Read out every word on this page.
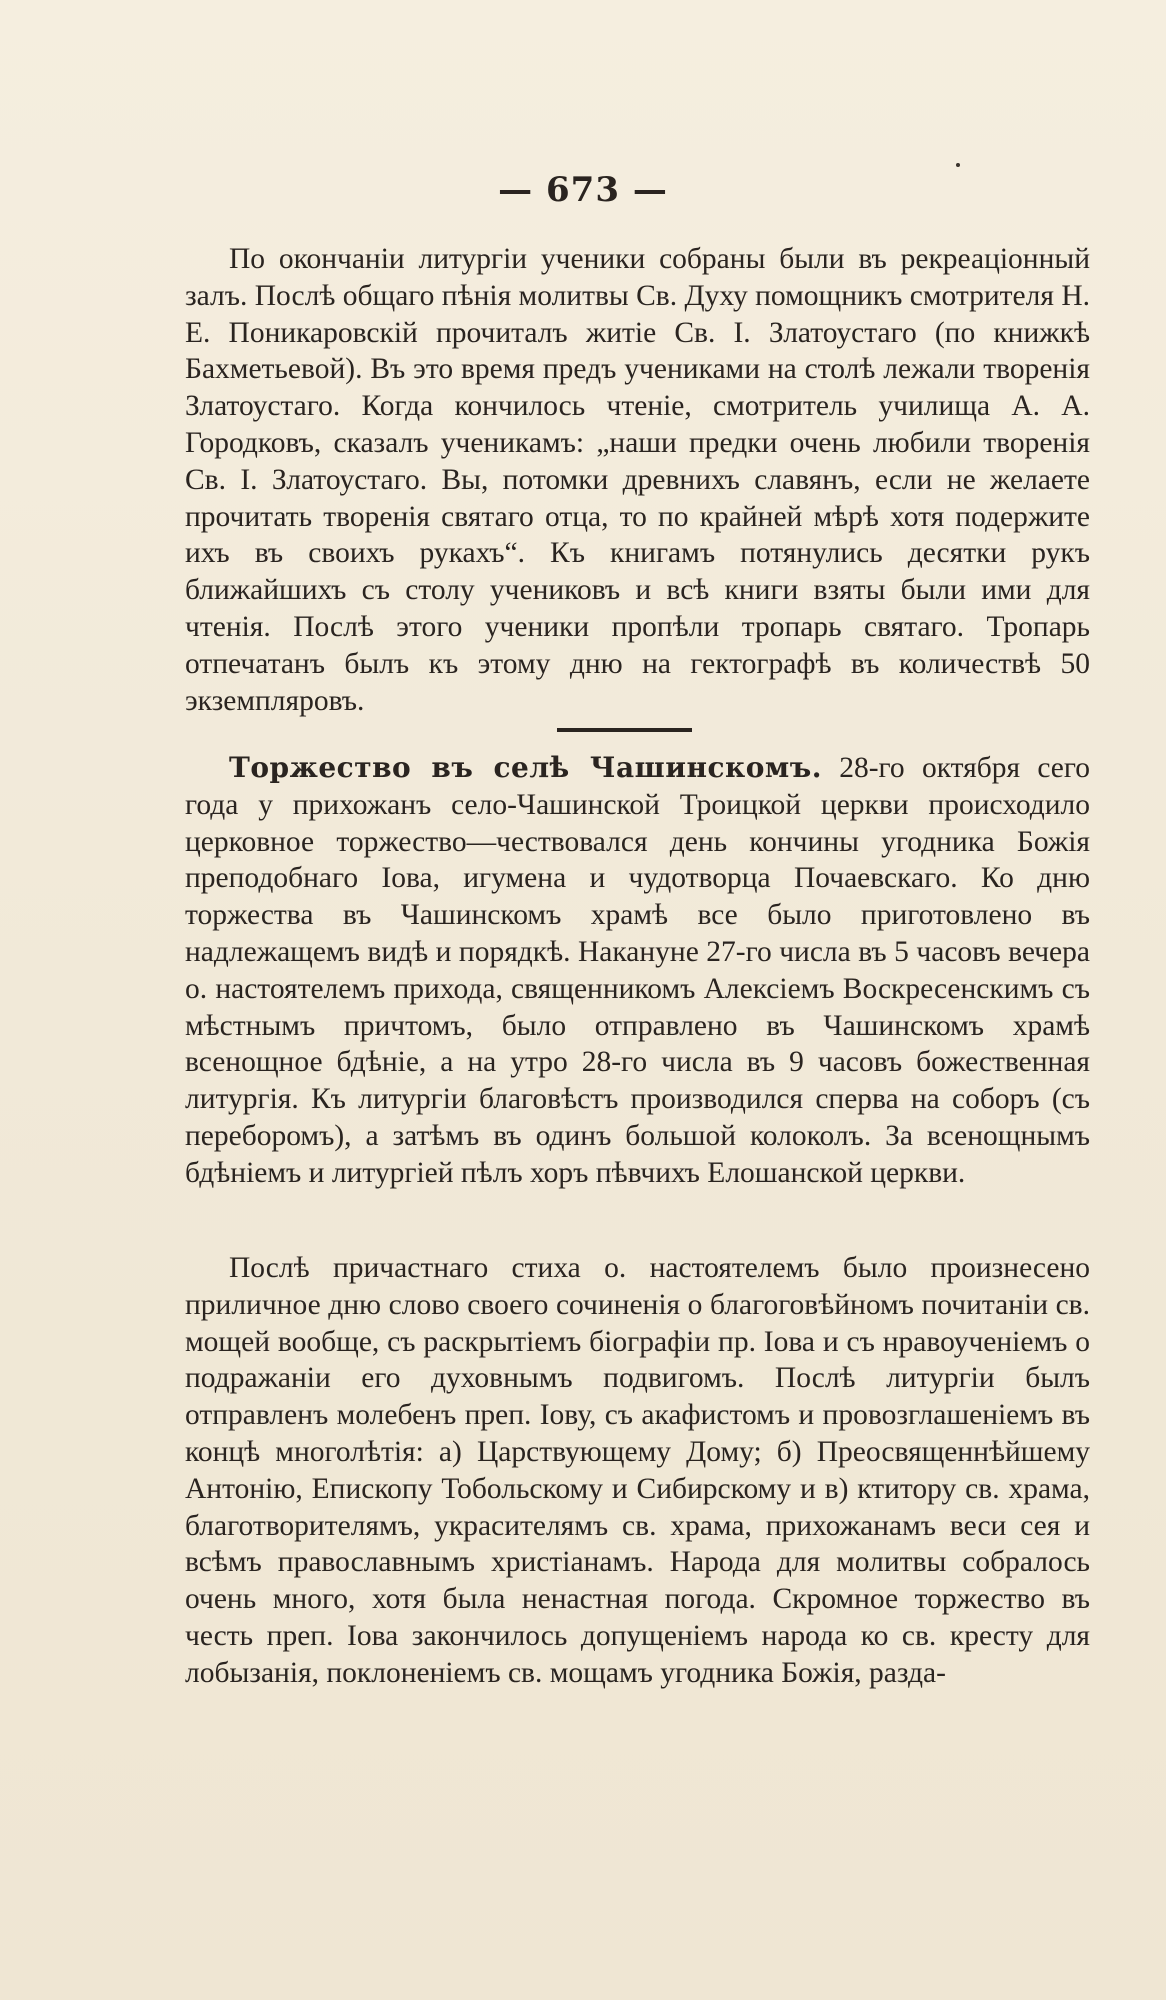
— 673 —

По окончаніи литургіи ученики собраны были въ рекреаціонный залъ. Послѣ общаго пѣнія молитвы Св. Духу помощникъ смотрителя Н. Е. Поникаровскій прочиталъ житіе Св. І. Златоустаго (по книжкѣ Бахметьевой). Въ это время предъ учениками на столѣ лежали творенія Златоустаго. Когда кончилось чтеніе, смотритель училища А. А. Городковъ, сказалъ ученикамъ: „наши предки очень любили творенія Св. І. Златоустаго. Вы, потомки древнихъ славянъ, если не желаете прочитать творенія святаго отца, то по крайней мѣрѣ хотя подержите ихъ въ своихъ рукахъ“. Къ книгамъ потянулись десятки рукъ ближайшихъ съ столу учениковъ и всѣ книги взяты были ими для чтенія. Послѣ этого ученики пропѣли тропарь святаго. Тропарь отпечатанъ былъ къ этому дню на гектографѣ въ количествѣ 50 экземпляровъ.

Торжество въ селѣ Чашинскомъ. 28-го октября сего года у прихожанъ село-Чашинской Троицкой церкви происходило церковное торжество—чествовался день кончины угодника Божія преподобнаго Іова, игумена и чудотворца Почаевскаго. Ко дню торжества въ Чашинскомъ храмѣ все было приготовлено въ надлежащемъ видѣ и порядкѣ. Накануне 27-го числа въ 5 часовъ вечера о. настоятелемъ прихода, священникомъ Алексіемъ Воскресенскимъ съ мѣстнымъ причтомъ, было отправлено въ Чашинскомъ храмѣ всенощное бдѣніе, а на утро 28-го числа въ 9 часовъ божественная литургія. Къ литургіи благовѣстъ производился сперва на соборъ (съ переборомъ), а затѣмъ въ одинъ большой колоколъ. За всенощнымъ бдѣніемъ и литургіей пѣлъ хоръ пѣвчихъ Елошанской церкви.

Послѣ причастнаго стиха о. настоятелемъ было произнесено приличное дню слово своего сочиненія о благоговѣйномъ почитаніи св. мощей вообще, съ раскрытіемъ біографіи пр. Іова и съ нравоученіемъ о подражаніи его духовнымъ подвигомъ. Послѣ литургіи былъ отправленъ молебенъ преп. Іову, съ акафистомъ и провозглашеніемъ въ концѣ многолѣтія: а) Царствующему Дому; б) Преосвященнѣйшему Антонію, Епископу Тобольскому и Сибирскому и в) ктитору св. храма, благотворителямъ, украсителямъ св. храма, прихожанамъ веси сея и всѣмъ православнымъ христіанамъ. Народа для молитвы собралось очень много, хотя была ненастная погода. Скромное торжество въ честь преп. Іова закончилось допущеніемъ народа ко св. кресту для лобызанія, поклоненіемъ св. мощамъ угодника Божія, разда-
